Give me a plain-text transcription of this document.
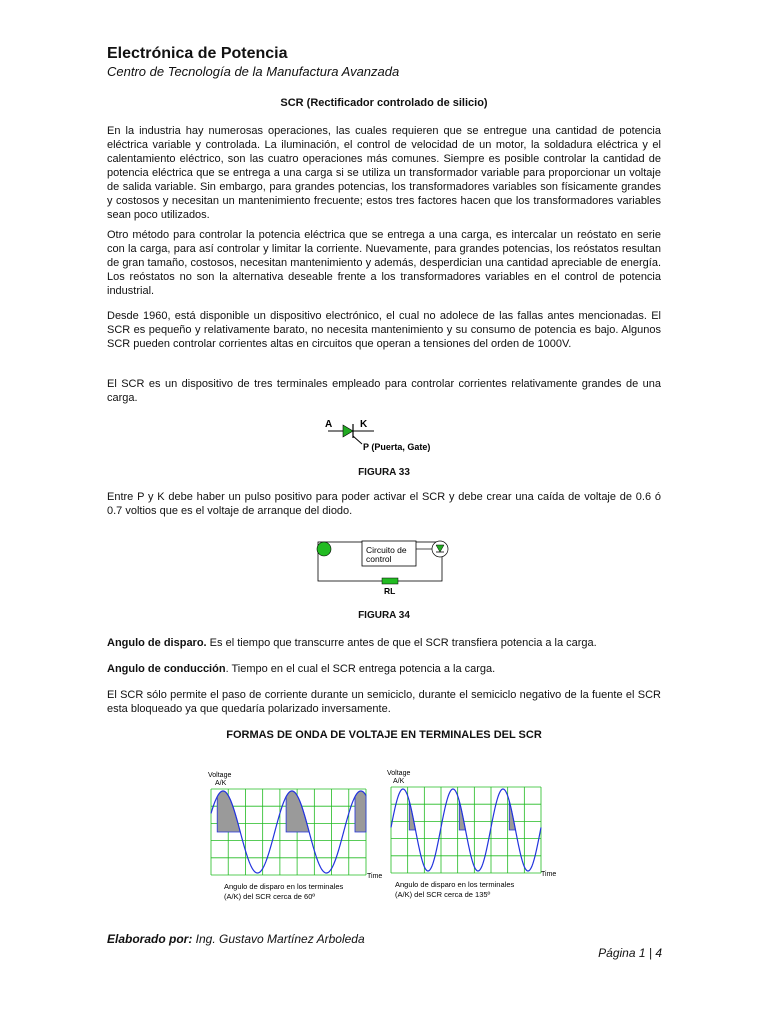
Electrónica de Potencia
Centro de Tecnología de la Manufactura Avanzada
SCR (Rectificador controlado de silicio)

En la industria hay numerosas operaciones, las cuales requieren que se entregue una cantidad de potencia eléctrica variable y controlada. La iluminación, el control de velocidad de un motor, la soldadura eléctrica y el calentamiento eléctrico, son las cuatro operaciones más comunes. Siempre es posible controlar la cantidad de potencia eléctrica que se entrega a una carga si se utiliza un transformador variable para proporcionar un voltaje de salida variable. Sin embargo, para grandes potencias, los transformadores variables son físicamente grandes y costosos y necesitan un mantenimiento frecuente; estos tres factores hacen que los transformadores variables sean poco utilizados.

Otro método para controlar la potencia eléctrica que se entrega a una carga, es intercalar un reóstato en serie con la carga, para así controlar y limitar la corriente. Nuevamente, para grandes potencias, los reóstatos resultan de gran tamaño, costosos, necesitan mantenimiento y además, desperdician una cantidad apreciable de energía. Los reóstatos no son la alternativa deseable frente a los transformadores variables en el control de potencia industrial.

Desde 1960, está disponible un dispositivo electrónico, el cual no adolece de las fallas antes mencionadas. El SCR es pequeño y relativamente barato, no necesita mantenimiento y su consumo de potencia es bajo. Algunos SCR pueden controlar corrientes altas en circuitos que operan a tensiones del orden de 1000V.

El SCR es un dispositivo de tres terminales empleado para controlar corrientes relativamente grandes de una carga.

A	K
P (Puerta, Gate)
FIGURA 33

Entre P y K debe haber un pulso positivo para poder activar el SCR y debe crear una caída de voltaje de 0.6 ó 0.7 voltios que es el voltaje de arranque del diodo.

Circuito de
control
RL
FIGURA 34

Angulo de disparo. Es el tiempo que transcurre antes de que el SCR transfiera potencia a la carga.

Angulo de conducción. Tiempo en el cual el SCR entrega potencia a la carga.

El SCR sólo permite el paso de corriente durante un semiciclo, durante el semiciclo negativo de la fuente el SCR esta bloqueado ya que quedaría polarizado inversamente.

FORMAS DE ONDA DE VOLTAJE EN TERMINALES DEL SCR
Voltage
A/K
Time
Angulo de disparo en los terminales
(A/K) del SCR cerca de 60º
Voltage
A/K
Time
Angulo de disparo en los terminales
(A/K) del SCR cerca de 135º
Elaborado por: Ing. Gustavo Martínez Arboleda
Página 1 | 4
